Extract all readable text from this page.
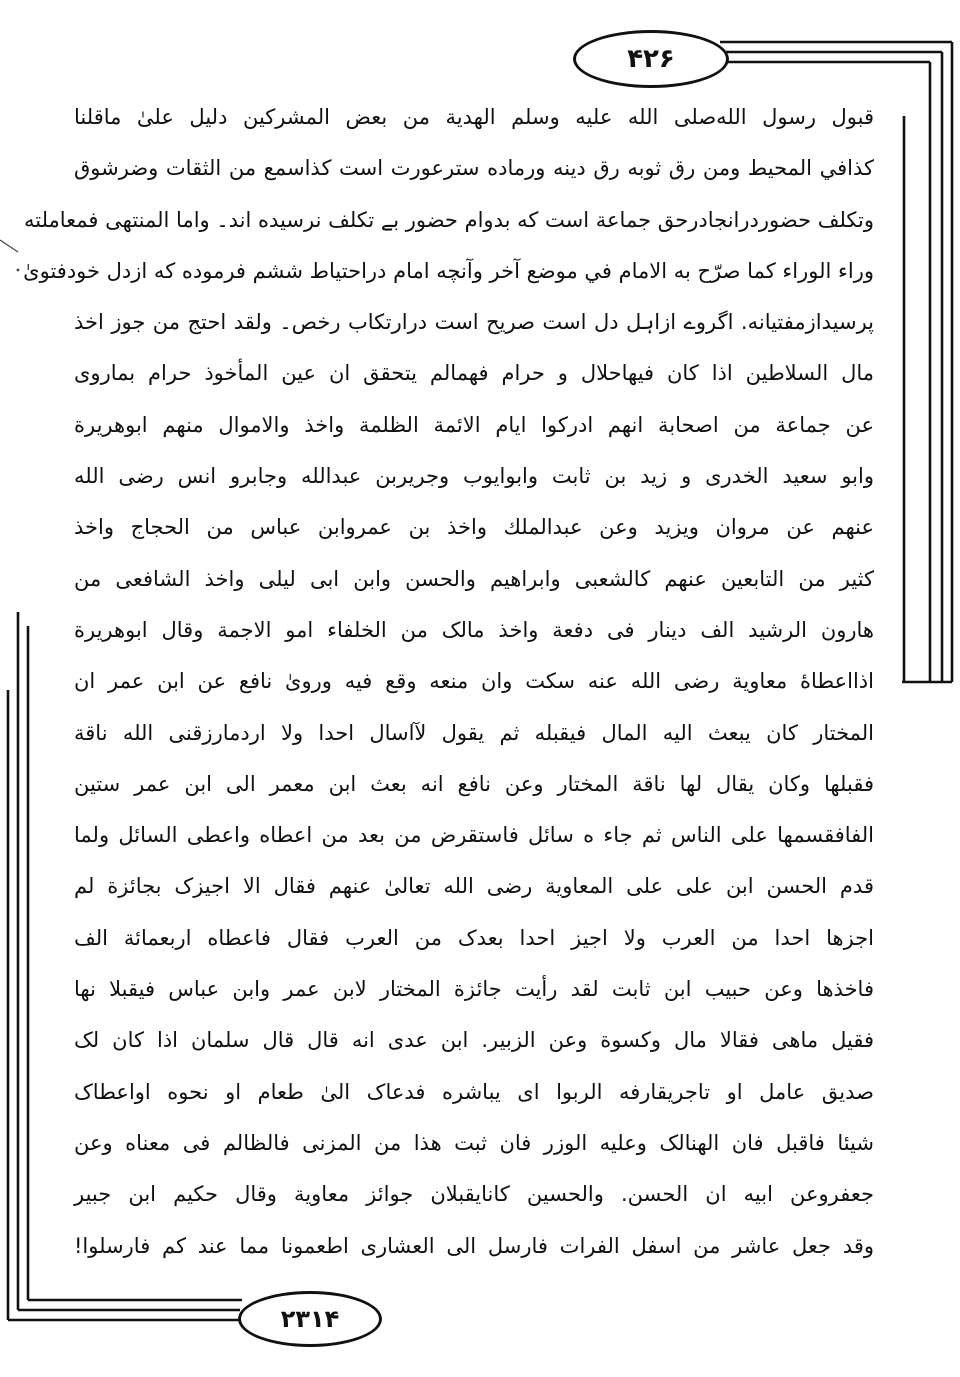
۴۲۶
۲۳۱۴
قبول رسول الله‌صلى الله عليه وسلم الهدية من بعض المشركين دليل علىٰ ماقلنا
كذافي المحيط ومن رق ثوبه رق دينه ورماده سترعورت است كذاسمع من الثقات وضرشوق
وتكلف حضوردرانجادرحق جماعة است كه بدوام حضور بے تكلف نرسيده اند۔ واما المنتهى فمعاملته
وراء الوراء كما صرّح به الامام في موضع آخر وآنچه امام دراحتياط ششم فرموده كه ازدل خودفتوىٰ
پرسيدازمفتيانه. اگروے ازاہل دل است صريح است درارتكاب رخص۔ ولقد احتج من جوز اخذ
مال السلاطين اذا كان فيهاحلال و حرام فهمالم يتحقق ان عين المأخوذ حرام بماروى
عن جماعة من اصحابة انهم ادركوا ايام الائمة الظلمة واخذ والاموال منهم ابوهريرة
وابو سعيد الخدرى و زيد بن ثابت وابوايوب وجريربن عبدالله وجابرو انس رضى الله
عنهم عن مروان ويزيد وعن عبدالملك واخذ بن عمروابن عباس من الحجاج واخذ
كثير من التابعين عنهم كالشعبى وابراهيم والحسن وابن ابى ليلى واخذ الشافعى من
هارون الرشيد الف دينار فى دفعة واخذ مالک من الخلفاء امو الاجمة وقال ابوهريرة
اذااعطاهٔ معاوية رضى الله عنه سكت وان منعه وقع فيه وروىٰ نافع عن ابن عمر ان
المختار كان يبعث اليه المال فيقبله ثم يقول لآاسال احدا ولا اردمارزقنى الله ناقة
فقبلها وكان يقال لها ناقة المختار وعن نافع انه بعث ابن معمر الى ابن عمر ستين
الفافقسمها على الناس ثم جاء ه سائل فاستقرض من بعد من اعطاه واعطى السائل ولما
قدم الحسن ابن على على المعاوية رضى الله تعالىٰ عنهم فقال الا اجيزک بجائزة لم
اجزها احدا من العرب ولا اجيز احدا بعدک من العرب فقال فاعطاه اربعمائة الف
فاخذها وعن حبيب ابن ثابت لقد رأيت جائزة المختار لابن عمر وابن عباس فيقبلا نها
فقيل ماهى فقالا مال وكسوة وعن الزبير. ابن عدى انه قال قال سلمان اذا كان لک
صديق عامل او تاجريقارفه الربوا اى يباشره فدعاک الىٰ طعام او نحوه اواعطاک
شيئا فاقبل فان الهنالک وعليه الوزر فان ثبت هذا من المزنى فالظالم فى معناه وعن
جعفروعن ابيه ان الحسن. والحسين كانايقبلان جوائز معاوية وقال حكيم ابن جبير
وقد جعل عاشر من اسفل الفرات فارسل الى العشارى اطعمونا مما عند كم فارسلوا!
